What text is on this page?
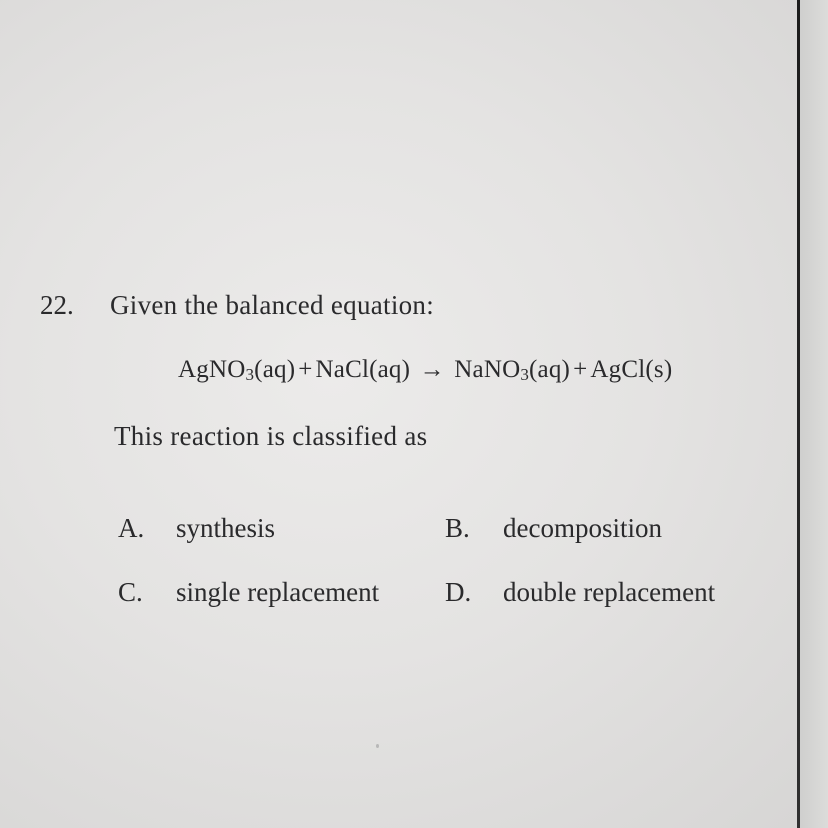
22. Given the balanced equation:
AgNO$_3$(aq) + NaCl(aq) → NaNO$_3$(aq) + AgCl(s)
This reaction is classified as
A. synthesis	B. decomposition
C. single replacement D. double replacement
